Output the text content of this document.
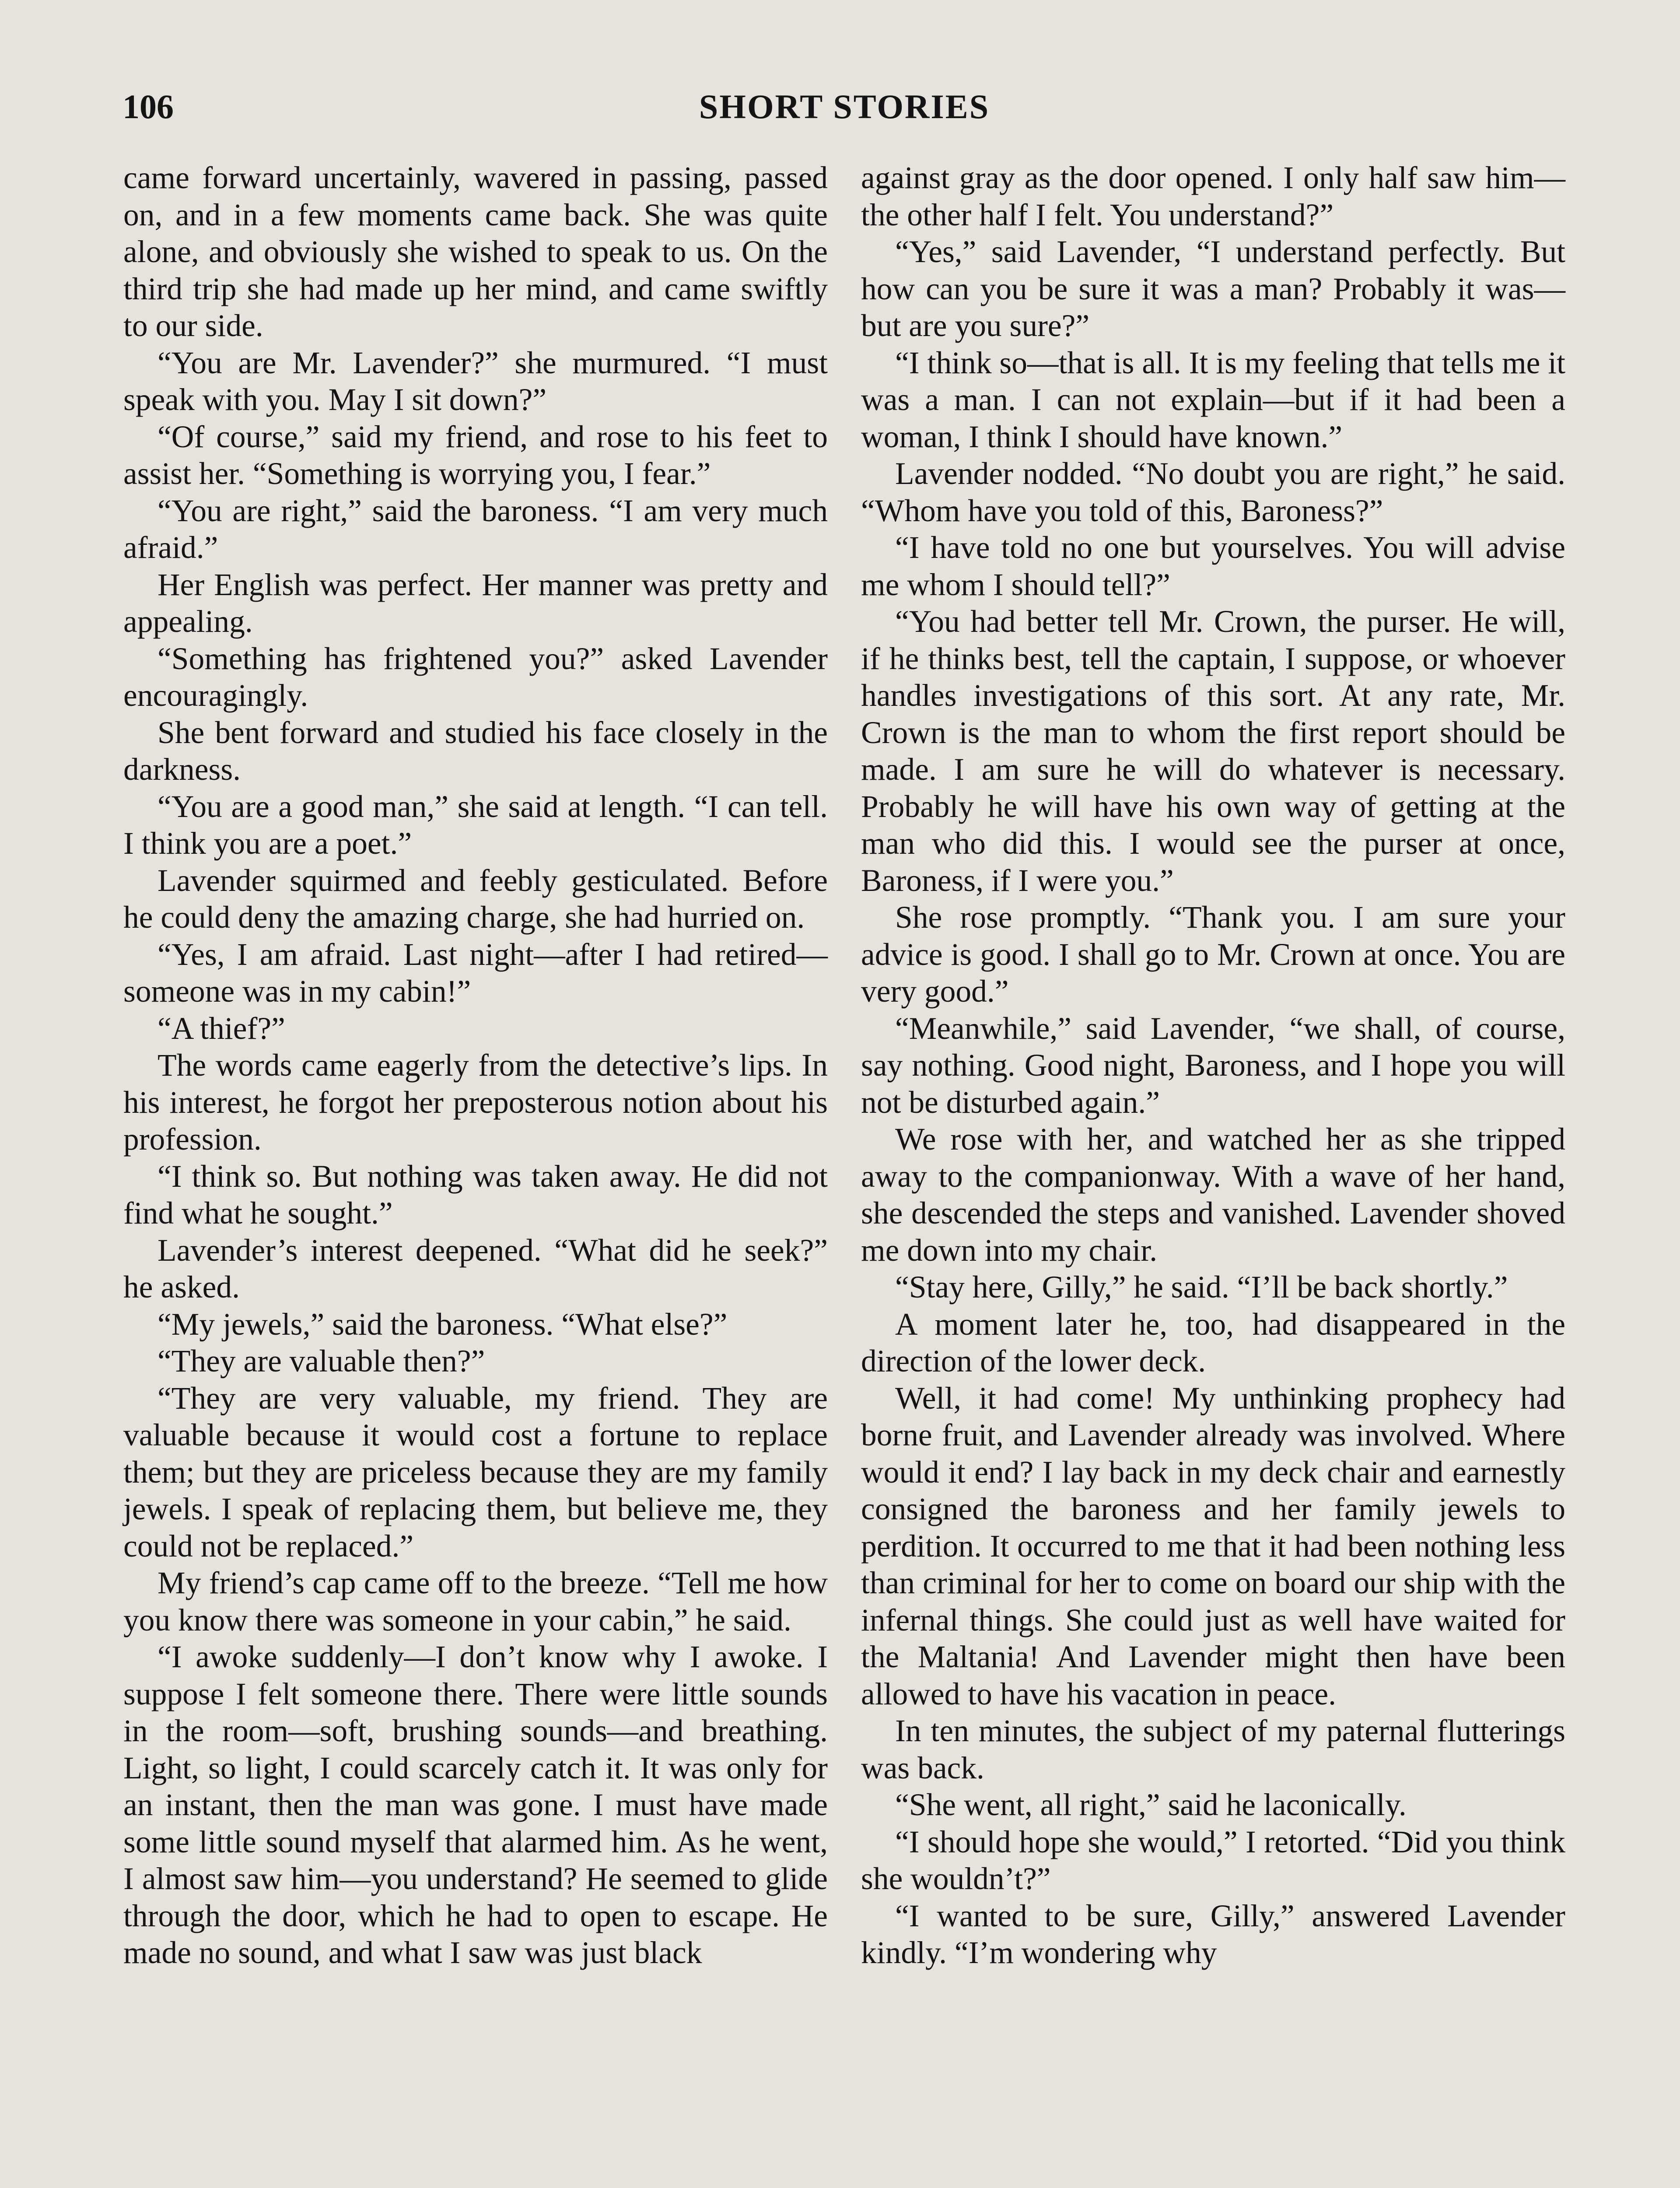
106	SHORT STORIES

came forward uncertainly, wavered in passing, passed on, and in a few moments came back. She was quite alone, and obviously she wished to speak to us. On the third trip she had made up her mind, and came swiftly to our side.

“You are Mr. Lavender?” she murmured. “I must speak with you. May I sit down?”

“Of course,” said my friend, and rose to his feet to assist her. “Something is worrying you, I fear.”

“You are right,” said the baroness. “I am very much afraid.”

Her English was perfect. Her manner was pretty and appealing.

“Something has frightened you?” asked Lavender encouragingly.

She bent forward and studied his face closely in the darkness.

“You are a good man,” she said at length. “I can tell. I think you are a poet.”

Lavender squirmed and feebly gesticulated. Before he could deny the amazing charge, she had hurried on.

“Yes, I am afraid. Last night—after I had retired—someone was in my cabin!”

“A thief?”

The words came eagerly from the detective’s lips. In his interest, he forgot her preposterous notion about his profession.

“I think so. But nothing was taken away. He did not find what he sought.”

Lavender’s interest deepened. “What did he seek?” he asked.

“My jewels,” said the baroness. “What else?”

“They are valuable then?”

“They are very valuable, my friend. They are valuable because it would cost a fortune to replace them; but they are priceless because they are my family jewels. I speak of replacing them, but believe me, they could not be replaced.”

My friend’s cap came off to the breeze. “Tell me how you know there was someone in your cabin,” he said.

“I awoke suddenly—I don’t know why I awoke. I suppose I felt someone there. There were little sounds in the room—soft, brushing sounds—and breathing. Light, so light, I could scarcely catch it. It was only for an instant, then the man was gone. I must have made some little sound myself that alarmed him. As he went, I almost saw him—you understand? He seemed to glide through the door, which he had to open to escape. He made no sound, and what I saw was just black

against gray as the door opened. I only half saw him—the other half I felt. You understand?”

“Yes,” said Lavender, “I understand perfectly. But how can you be sure it was a man? Probably it was—but are you sure?”

“I think so—that is all. It is my feeling that tells me it was a man. I can not explain—but if it had been a woman, I think I should have known.”

Lavender nodded. “No doubt you are right,” he said. “Whom have you told of this, Baroness?”

“I have told no one but yourselves. You will advise me whom I should tell?”

“You had better tell Mr. Crown, the purser. He will, if he thinks best, tell the captain, I suppose, or whoever handles investigations of this sort. At any rate, Mr. Crown is the man to whom the first report should be made. I am sure he will do whatever is necessary. Probably he will have his own way of getting at the man who did this. I would see the purser at once, Baroness, if I were you.”

She rose promptly. “Thank you. I am sure your advice is good. I shall go to Mr. Crown at once. You are very good.”

“Meanwhile,” said Lavender, “we shall, of course, say nothing. Good night, Baroness, and I hope you will not be disturbed again.”

We rose with her, and watched her as she tripped away to the companionway. With a wave of her hand, she descended the steps and vanished. Lavender shoved me down into my chair.

“Stay here, Gilly,” he said. “I’ll be back shortly.”

A moment later he, too, had disappeared in the direction of the lower deck.

Well, it had come! My unthinking prophecy had borne fruit, and Lavender already was involved. Where would it end? I lay back in my deck chair and earnestly consigned the baroness and her family jewels to perdition. It occurred to me that it had been nothing less than criminal for her to come on board our ship with the infernal things. She could just as well have waited for the Maltania! And Lavender might then have been allowed to have his vacation in peace.

In ten minutes, the subject of my paternal flutterings was back.

“She went, all right,” said he laconically.

“I should hope she would,” I retorted. “Did you think she wouldn’t?”

“I wanted to be sure, Gilly,” answered Lavender kindly. “I’m wondering why
